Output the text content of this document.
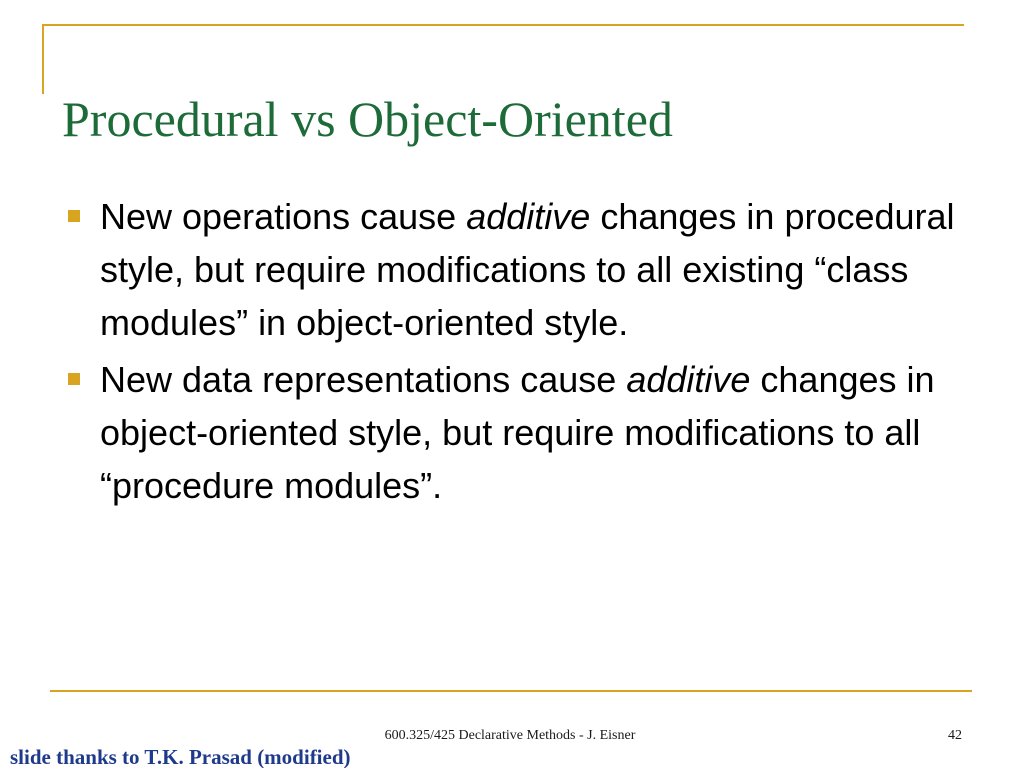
Procedural vs Object-Oriented
New operations cause additive changes in procedural style, but require modifications to all existing “class modules” in object-oriented style.
New data representations cause additive changes in object-oriented style, but require modifications to all “procedure modules”.
600.325/425 Declarative Methods - J. Eisner	42
slide thanks to T.K. Prasad (modified)
